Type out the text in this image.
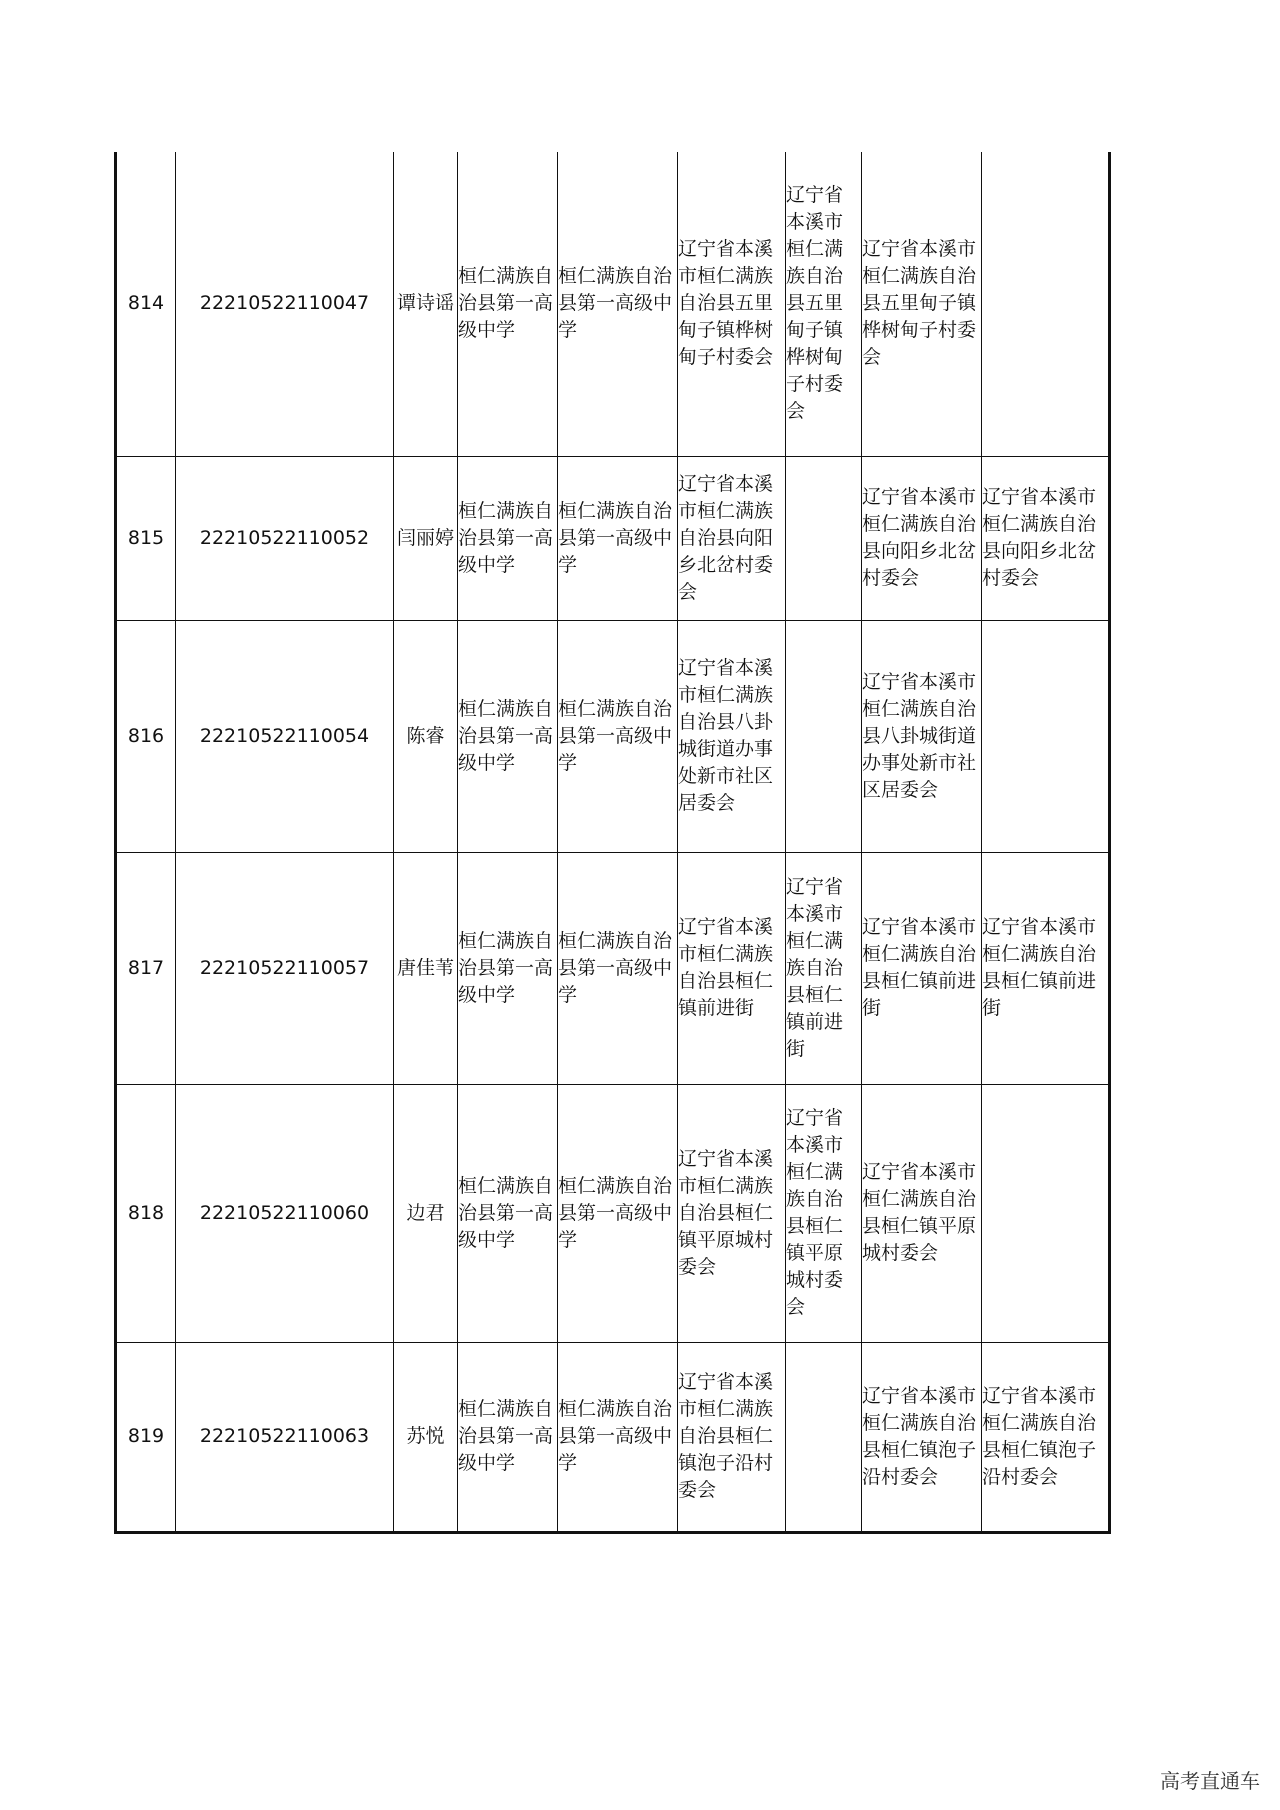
814	22210522110047	谭诗谣	桓仁满族自治县第一高级中学	桓仁满族自治县第一高级中学	辽宁省本溪市桓仁满族自治县五里甸子镇桦树甸子村委会	辽宁省本溪市桓仁满族自治县五里甸子镇桦树甸子村委会	辽宁省本溪市桓仁满族自治县五里甸子镇桦树甸子村委会	
815	22210522110052	闫丽婷	桓仁满族自治县第一高级中学	桓仁满族自治县第一高级中学	辽宁省本溪市桓仁满族自治县向阳乡北岔村委会		辽宁省本溪市桓仁满族自治县向阳乡北岔村委会	辽宁省本溪市桓仁满族自治县向阳乡北岔村委会
816	22210522110054	陈睿	桓仁满族自治县第一高级中学	桓仁满族自治县第一高级中学	辽宁省本溪市桓仁满族自治县八卦城街道办事处新市社区居委会		辽宁省本溪市桓仁满族自治县八卦城街道办事处新市社区居委会	
817	22210522110057	唐佳苇	桓仁满族自治县第一高级中学	桓仁满族自治县第一高级中学	辽宁省本溪市桓仁满族自治县桓仁镇前进街	辽宁省本溪市桓仁满族自治县桓仁镇前进街	辽宁省本溪市桓仁满族自治县桓仁镇前进街	辽宁省本溪市桓仁满族自治县桓仁镇前进街
818	22210522110060	边君	桓仁满族自治县第一高级中学	桓仁满族自治县第一高级中学	辽宁省本溪市桓仁满族自治县桓仁镇平原城村委会	辽宁省本溪市桓仁满族自治县桓仁镇平原城村委会	辽宁省本溪市桓仁满族自治县桓仁镇平原城村委会	
819	22210522110063	苏悦	桓仁满族自治县第一高级中学	桓仁满族自治县第一高级中学	辽宁省本溪市桓仁满族自治县桓仁镇泡子沿村委会		辽宁省本溪市桓仁满族自治县桓仁镇泡子沿村委会	辽宁省本溪市桓仁满族自治县桓仁镇泡子沿村委会
高考直通车
